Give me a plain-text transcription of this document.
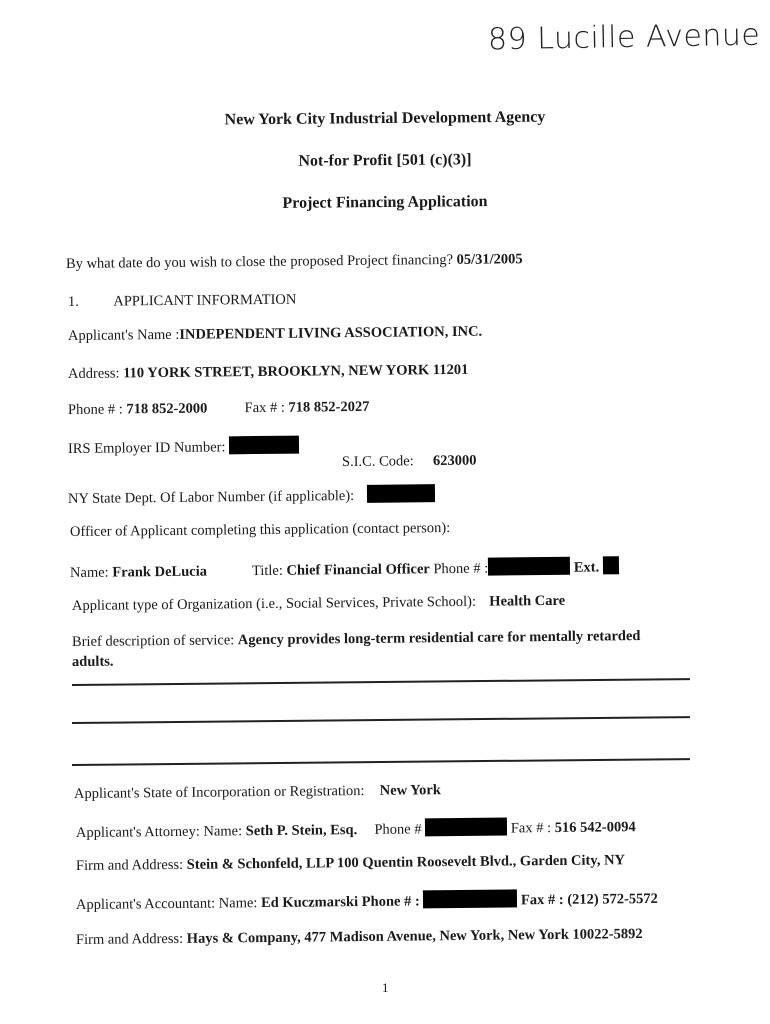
89 Lucille Avenue
New York City Industrial Development Agency
Not-for Profit [501 (c)(3)]
Project Financing Application
By what date do you wish to close the proposed Project financing? 05/31/2005
1. APPLICANT INFORMATION
Applicant's Name :INDEPENDENT LIVING ASSOCIATION, INC.
Address: 110 YORK STREET, BROOKLYN, NEW YORK 11201
Phone # : 718 852-2000	Fax # : 718 852-2027
IRS Employer ID Number:
S.I.C. Code: 623000
NY State Dept. Of Labor Number (if applicable):
Officer of Applicant completing this application (contact person):
Name: Frank DeLucia	Title: Chief Financial Officer Phone # :	Ext.
Applicant type of Organization (i.e., Social Services, Private School): Health Care
Brief description of service: Agency provides long-term residential care for mentally retarded
adults.
Applicant's State of Incorporation or Registration: New York
Applicant's Attorney: Name: Seth P. Stein, Esq. Phone #	Fax # : 516 542-0094
Firm and Address: Stein & Schonfeld, LLP 100 Quentin Roosevelt Blvd., Garden City, NY
Applicant's Accountant: Name: Ed Kuczmarski Phone # :	Fax # : (212) 572-5572
Firm and Address: Hays & Company, 477 Madison Avenue, New York, New York 10022-5892
1
